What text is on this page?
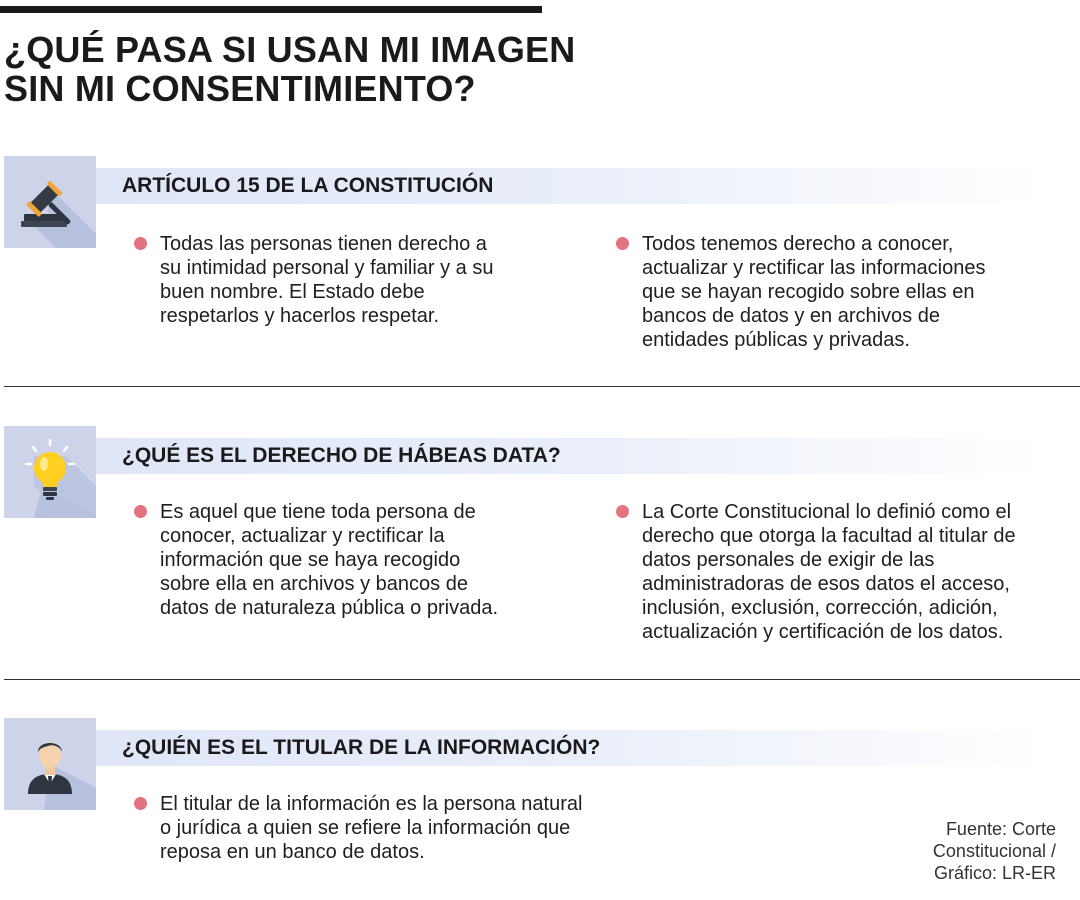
¿QUÉ PASA SI USAN MI IMAGEN
SIN MI CONSENTIMIENTO?
ARTÍCULO 15 DE LA CONSTITUCIÓN
Todas las personas tienen derecho a
su intimidad personal y familiar y a su
buen nombre. El Estado debe
respetarlos y hacerlos respetar.
Todos tenemos derecho a conocer,
actualizar y rectificar las informaciones
que se hayan recogido sobre ellas en
bancos de datos y en archivos de
entidades públicas y privadas.
¿QUÉ ES EL DERECHO DE HÁBEAS DATA?
Es aquel que tiene toda persona de
conocer, actualizar y rectificar la
información que se haya recogido
sobre ella en archivos y bancos de
datos de naturaleza pública o privada.
La Corte Constitucional lo definió como el
derecho que otorga la facultad al titular de
datos personales de exigir de las
administradoras de esos datos el acceso,
inclusión, exclusión, corrección, adición,
actualización y certificación de los datos.
¿QUIÉN ES EL TITULAR DE LA INFORMACIÓN?
El titular de la información es la persona natural
o jurídica a quien se refiere la información que
reposa en un banco de datos.
Fuente: Corte
Constitucional /
Gráfico: LR-ER
